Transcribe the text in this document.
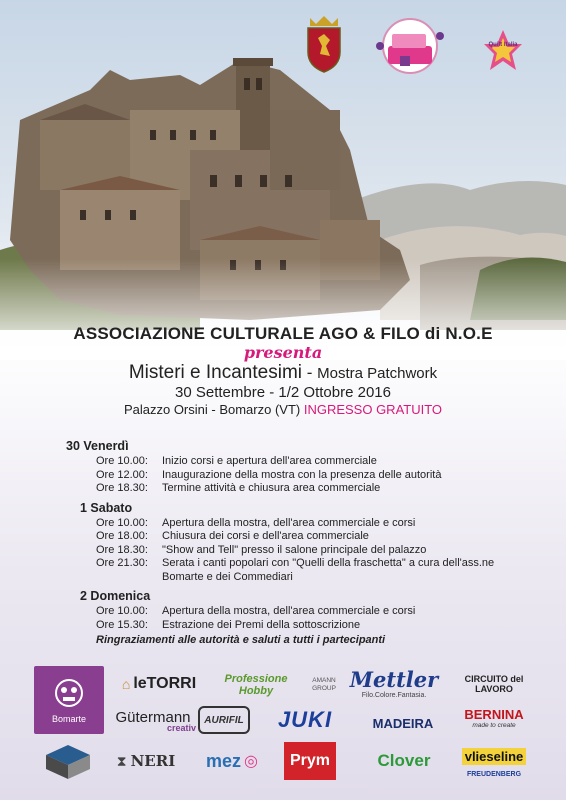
Quilt Italia
ASSOCIAZIONE CULTURALE AGO & FILO di N.O.E
presenta
Misteri e Incantesimi - Mostra Patchwork
30 Settembre - 1/2 Ottobre 2016
Palazzo Orsini - Bomarzo (VT) INGRESSO GRATUITO
30 Venerdì
Ore 10.00:	Inizio corsi e apertura dell'area commerciale
Ore 12.00:	Inaugurazione della mostra con la presenza delle autorità
Ore 18.30:	Termine attività e chiusura area commerciale
1 Sabato
Ore 10.00:	Apertura della mostra, dell'area commerciale e corsi
Ore 18.00:	Chiusura dei corsi e dell'area commerciale
Ore 18.30:	"Show and Tell" presso il salone principale del palazzo
Ore 21.30:	Serata i canti popolari con "Quelli della fraschetta" a cura dell'ass.ne Bomarte e dei Commediari
2 Domenica
Ore 10.00:	Apertura della mostra, dell'area commerciale e corsi
Ore 15.30:	Estrazione dei Premi della sottoscrizione
Ringraziamenti alle autorità e saluti a tutti i partecipanti
Bomarte
⌂ leTORRI	Professione Hobby
AMANN GROUP Mettler
Filo.Colore.Fantasia.
CIRCUITO del LAVORO
Gütermann
creativ
AURIFIL JUKI	MADEIRA
BERNINA
made to create
⧗ NERI mez ◎ Prym	Clover	vlieseline
FREUDENBERG
